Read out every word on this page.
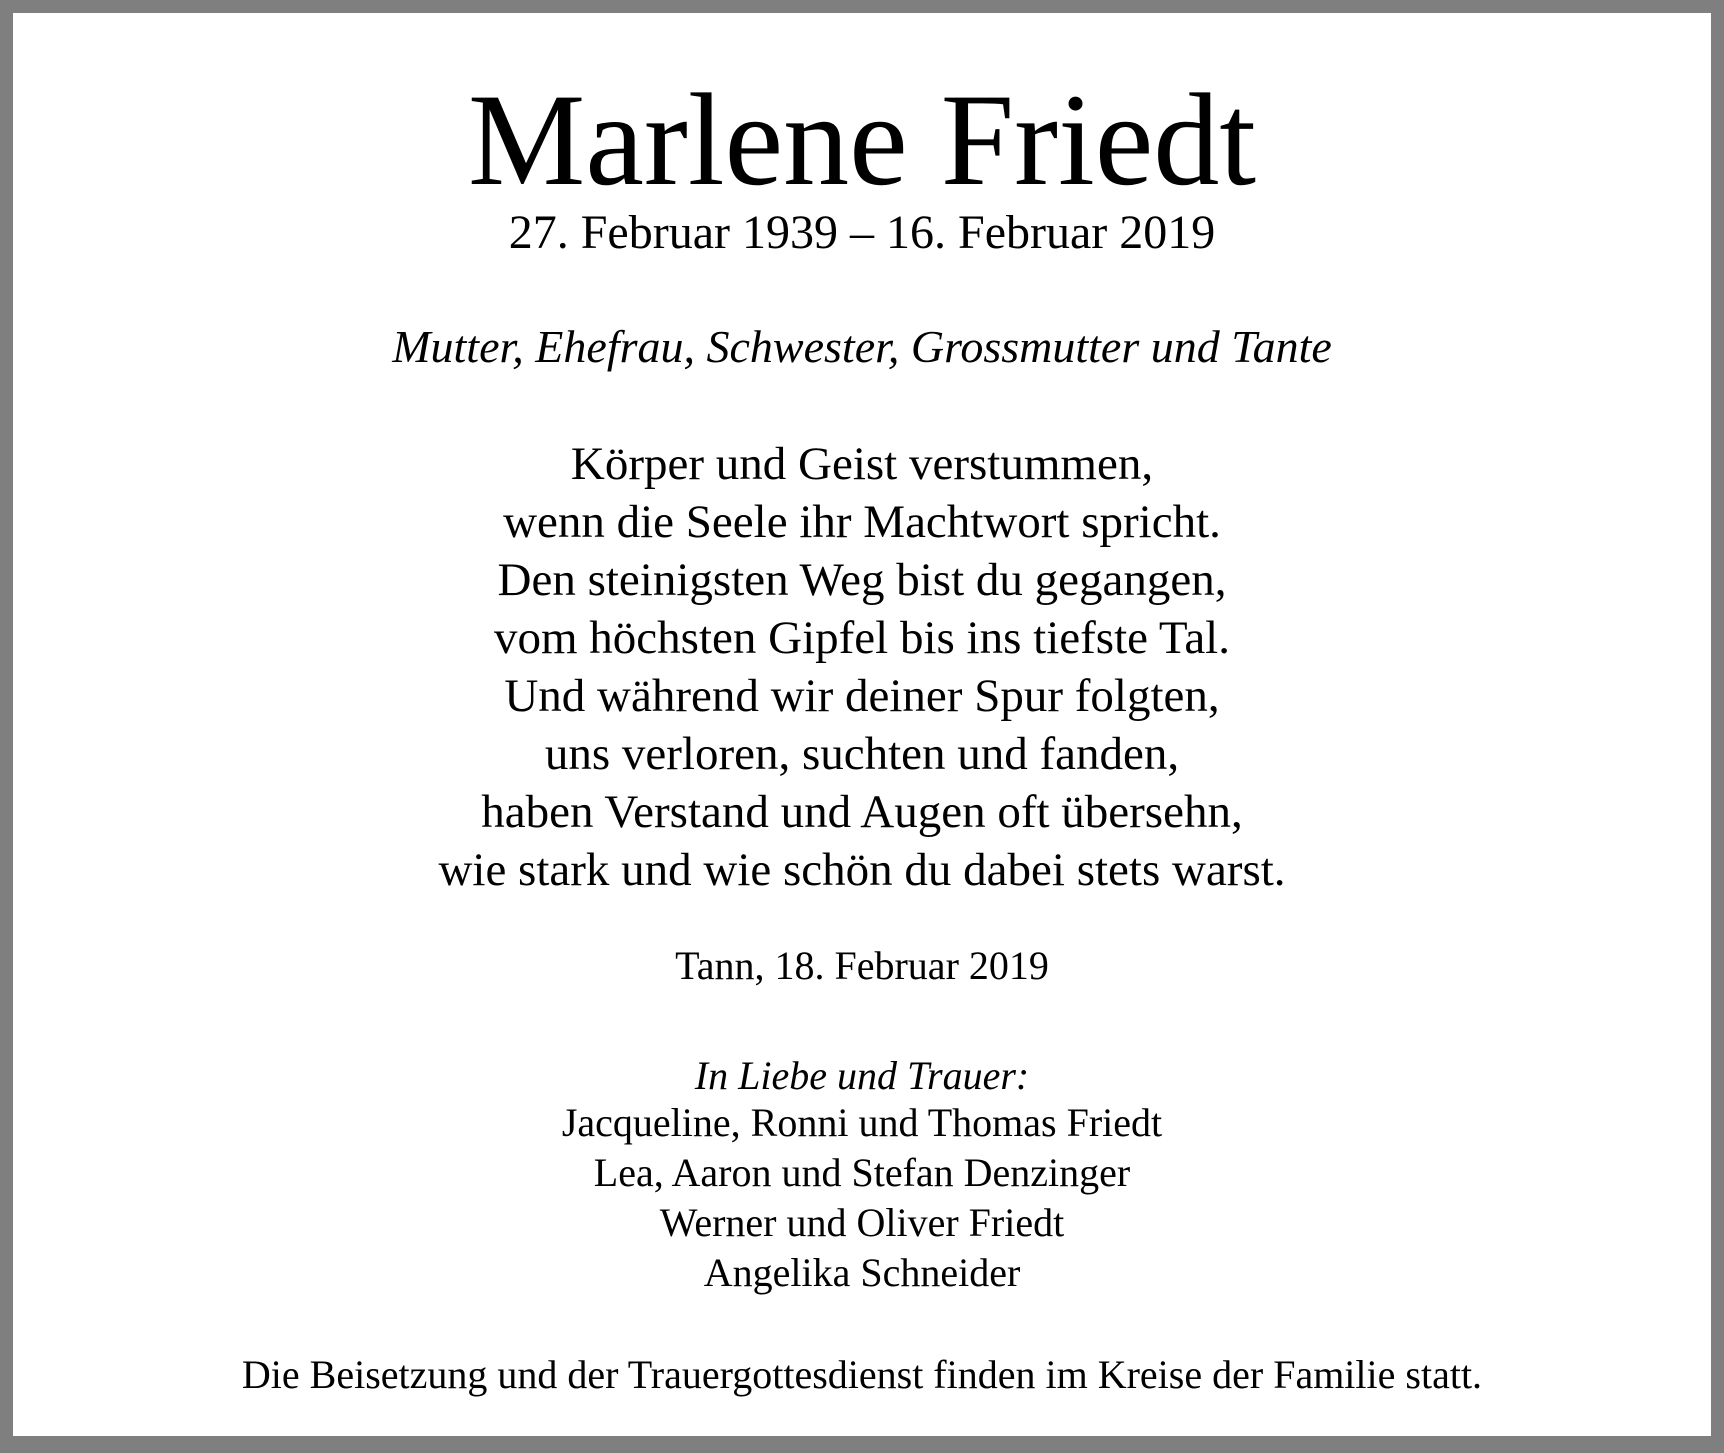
Marlene Friedt
27. Februar 1939 – 16. Februar 2019
Mutter, Ehefrau, Schwester, Grossmutter und Tante
Körper und Geist verstummen,
wenn die Seele ihr Machtwort spricht.
Den steinigsten Weg bist du gegangen,
vom höchsten Gipfel bis ins tiefste Tal.
Und während wir deiner Spur folgten,
uns verloren, suchten und fanden,
haben Verstand und Augen oft übersehn,
wie stark und wie schön du dabei stets warst.
Tann, 18. Februar 2019
In Liebe und Trauer:
Jacqueline, Ronni und Thomas Friedt
Lea, Aaron und Stefan Denzinger
Werner und Oliver Friedt
Angelika Schneider
Die Beisetzung und der Trauergottesdienst finden im Kreise der Familie statt.
